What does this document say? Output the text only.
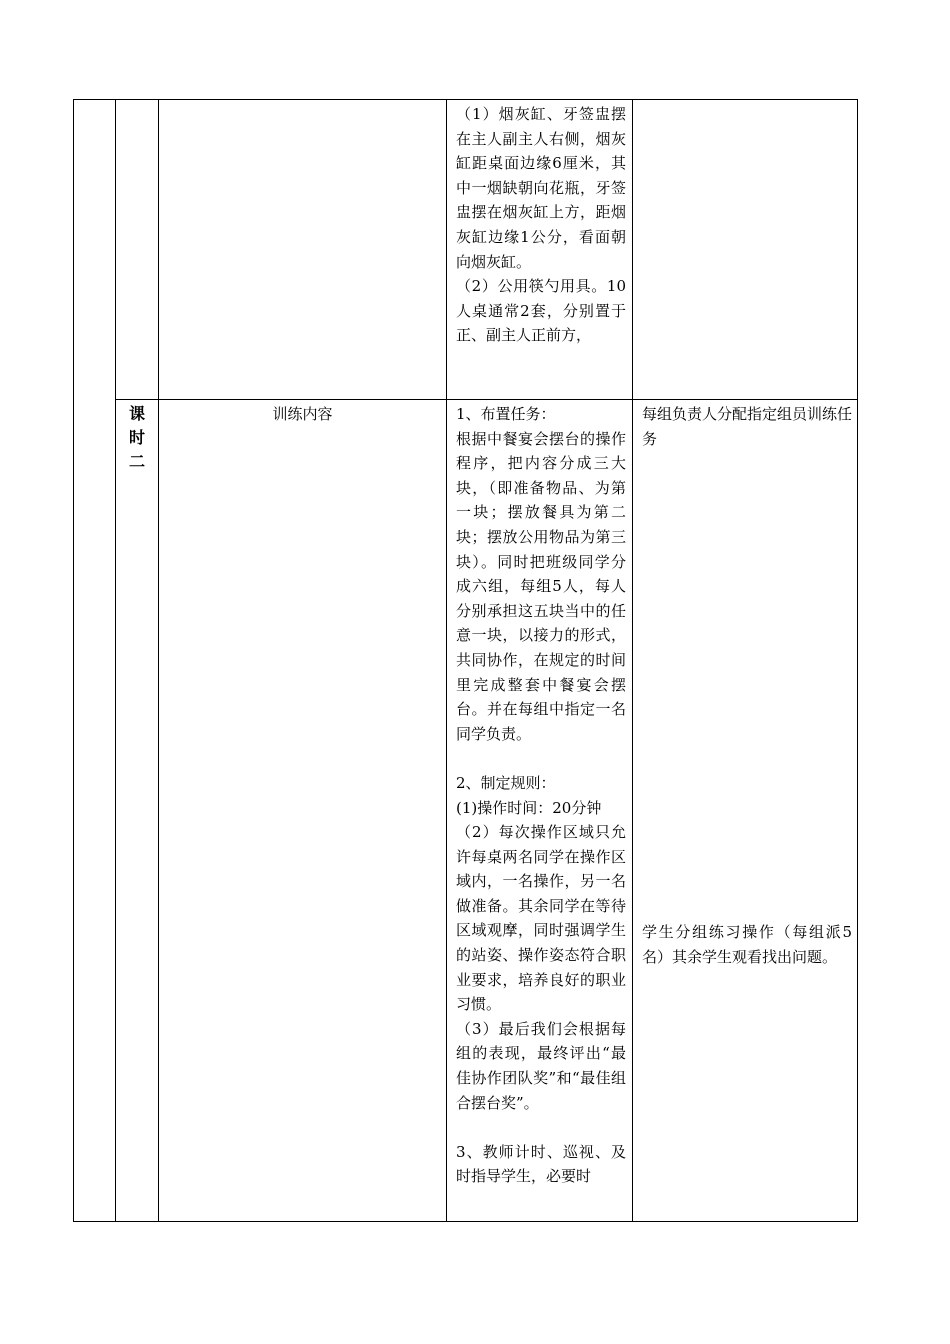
（1）烟灰缸、牙签盅摆在主人副主人右侧，烟灰缸距桌面边缘6厘米，其中一烟缺朝向花瓶，牙签盅摆在烟灰缸上方，距烟灰缸边缘1公分，看面朝向烟灰缸。

（2）公用筷勺用具。10人桌通常2套，分别置于正、副主人正前方，

课时二
训练内容	1、布置任务：

根据中餐宴会摆台的操作程序，把内容分成三大块，（即准备物品、为第一块；摆放餐具为第二块；摆放公用物品为第三块）。同时把班级同学分成六组，每组5人，每人分别承担这五块当中的任意一块，以接力的形式，共同协作，在规定的时间里完成整套中餐宴会摆台。并在每组中指定一名同学负责。

2、制定规则：

(1)操作时间：20分钟

（2）每次操作区域只允许每桌两名同学在操作区域内，一名操作，另一名做准备。其余同学在等待区域观摩，同时强调学生的站姿、操作姿态符合职业要求，培养良好的职业习惯。

（3）最后我们会根据每组的表现，最终评出“最佳协作团队奖”和“最佳组合摆台奖”。

3、教师计时、巡视、及时指导学生，必要时

每组负责人分配指定组员训练任务

学生分组练习操作（每组派5名）其余学生观看找出问题。
